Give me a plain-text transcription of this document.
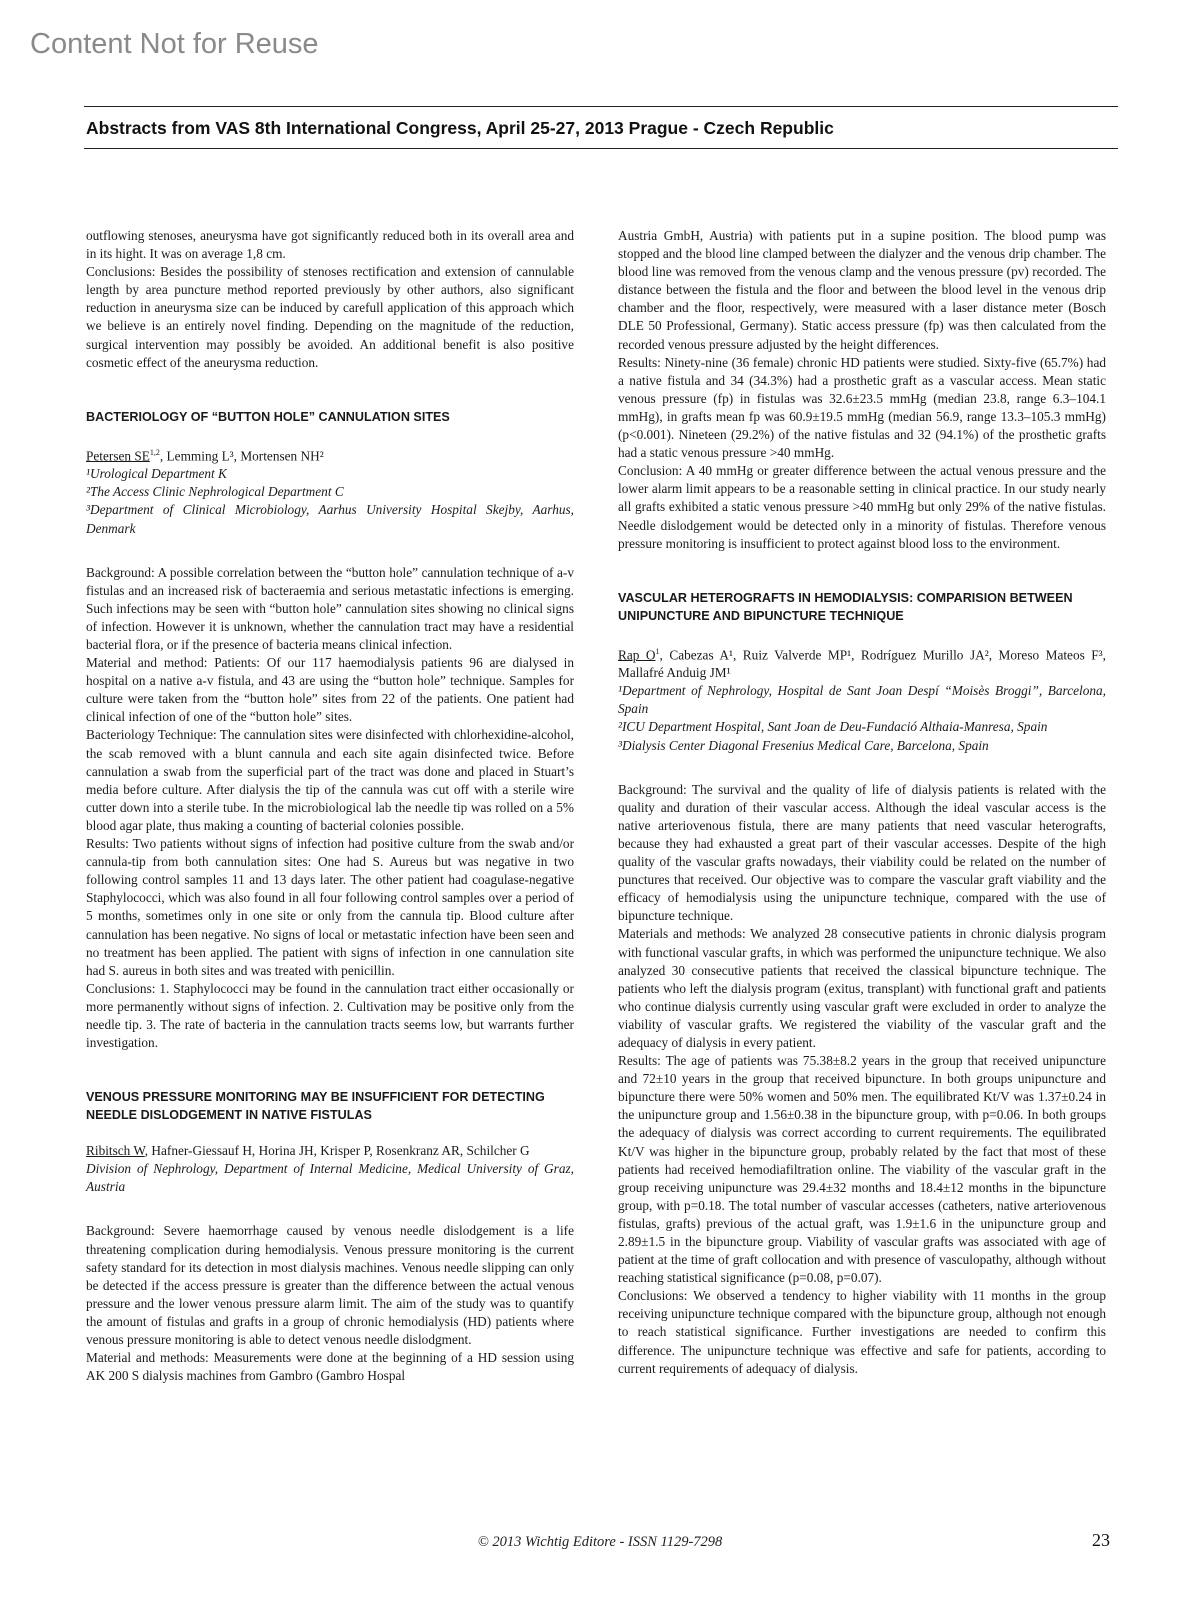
Content Not for Reuse
Abstracts from VAS 8th International Congress, April 25-27, 2013 Prague - Czech Republic

outflowing stenoses, aneurysma have got significantly reduced both in its overall area and in its hight. It was on average 1,8 cm.

Conclusions: Besides the possibility of stenoses rectification and extension of cannulable length by area puncture method reported previously by other authors, also significant reduction in aneurysma size can be induced by carefull application of this approach which we believe is an entirely novel finding. Depending on the magnitude of the reduction, surgical intervention may possibly be avoided. An additional benefit is also positive cosmetic effect of the aneurysma reduction.

BACTERIOLOGY OF “BUTTON HOLE” CANNULATION SITES

Petersen SE$^{1,2}$, Lemming L³, Mortensen NH²

¹Urological Department K

²The Access Clinic Nephrological Department C

³Department of Clinical Microbiology, Aarhus University Hospital Skejby, Aarhus, Denmark

Background: A possible correlation between the “button hole” cannulation technique of a-v fistulas and an increased risk of bacteraemia and serious metastatic infections is emerging. Such infections may be seen with “button hole” cannulation sites showing no clinical signs of infection. However it is unknown, whether the cannulation tract may have a residential bacterial flora, or if the presence of bacteria means clinical infection.

Material and method: Patients: Of our 117 haemodialysis patients 96 are dialysed in hospital on a native a-v fistula, and 43 are using the “button hole” technique. Samples for culture were taken from the “button hole” sites from 22 of the patients. One patient had clinical infection of one of the “button hole” sites.

Bacteriology Technique: The cannulation sites were disinfected with chlorhexidine-alcohol, the scab removed with a blunt cannula and each site again disinfected twice. Before cannulation a swab from the superficial part of the tract was done and placed in Stuart’s media before culture. After dialysis the tip of the cannula was cut off with a sterile wire cutter down into a sterile tube. In the microbiological lab the needle tip was rolled on a 5% blood agar plate, thus making a counting of bacterial colonies possible.

Results: Two patients without signs of infection had positive culture from the swab and/or cannula-tip from both cannulation sites: One had S. Aureus but was negative in two following control samples 11 and 13 days later. The other patient had coagulase-negative Staphylococci, which was also found in all four following control samples over a period of 5 months, sometimes only in one site or only from the cannula tip. Blood culture after cannulation has been negative. No signs of local or metastatic infection have been seen and no treatment has been applied. The patient with signs of infection in one cannulation site had S. aureus in both sites and was treated with penicillin.

Conclusions: 1. Staphylococci may be found in the cannulation tract either occasionally or more permanently without signs of infection. 2. Cultivation may be positive only from the needle tip. 3. The rate of bacteria in the cannulation tracts seems low, but warrants further investigation.

VENOUS PRESSURE MONITORING MAY BE INSUFFICIENT FOR DETECTING NEEDLE DISLODGEMENT IN NATIVE FISTULAS

Ribitsch W, Hafner-Giessauf H, Horina JH, Krisper P, Rosenkranz AR, Schilcher G

Division of Nephrology, Department of Internal Medicine, Medical University of Graz, Austria

Background: Severe haemorrhage caused by venous needle dislodgement is a life threatening complication during hemodialysis. Venous pressure monitoring is the current safety standard for its detection in most dialysis machines. Venous needle slipping can only be detected if the access pressure is greater than the difference between the actual venous pressure and the lower venous pressure alarm limit. The aim of the study was to quantify the amount of fistulas and grafts in a group of chronic hemodialysis (HD) patients where venous pressure monitoring is able to detect venous needle dislodgment.

Material and methods: Measurements were done at the beginning of a HD session using AK 200 S dialysis machines from Gambro (Gambro Hospal

Austria GmbH, Austria) with patients put in a supine position. The blood pump was stopped and the blood line clamped between the dialyzer and the venous drip chamber. The blood line was removed from the venous clamp and the venous pressure (pv) recorded. The distance between the fistula and the floor and between the blood level in the venous drip chamber and the floor, respectively, were measured with a laser distance meter (Bosch DLE 50 Professional, Germany). Static access pressure (fp) was then calculated from the recorded venous pressure adjusted by the height differences.

Results: Ninety-nine (36 female) chronic HD patients were studied. Sixty-five (65.7%) had a native fistula and 34 (34.3%) had a prosthetic graft as a vascular access. Mean static venous pressure (fp) in fistulas was 32.6±23.5 mmHg (median 23.8, range 6.3–104.1 mmHg), in grafts mean fp was 60.9±19.5 mmHg (median 56.9, range 13.3–105.3 mmHg) (p<0.001). Nineteen (29.2%) of the native fistulas and 32 (94.1%) of the prosthetic grafts had a static venous pressure >40 mmHg.

Conclusion: A 40 mmHg or greater difference between the actual venous pressure and the lower alarm limit appears to be a reasonable setting in clinical practice. In our study nearly all grafts exhibited a static venous pressure >40 mmHg but only 29% of the native fistulas. Needle dislodgement would be detected only in a minority of fistulas. Therefore venous pressure monitoring is insufficient to protect against blood loss to the environment.

VASCULAR HETEROGRAFTS IN HEMODIALYSIS: COMPARISION BETWEEN UNIPUNCTURE AND BIPUNCTURE TECHNIQUE

Rap $O^1$, Cabezas A¹, Ruiz Valverde MP¹, Rodríguez Murillo JA², Moreso Mateos F³, Mallafré Anduig JM¹

¹Department of Nephrology, Hospital de Sant Joan Despí “Moisès Broggi”, Barcelona, Spain

²ICU Department Hospital, Sant Joan de Deu-Fundació Althaia-Manresa, Spain

³Dialysis Center Diagonal Fresenius Medical Care, Barcelona, Spain

Background: The survival and the quality of life of dialysis patients is related with the quality and duration of their vascular access. Although the ideal vascular access is the native arteriovenous fistula, there are many patients that need vascular heterografts, because they had exhausted a great part of their vascular accesses. Despite of the high quality of the vascular grafts nowadays, their viability could be related on the number of punctures that received. Our objective was to compare the vascular graft viability and the efficacy of hemodialysis using the unipuncture technique, compared with the use of bipuncture technique.

Materials and methods: We analyzed 28 consecutive patients in chronic dialysis program with functional vascular grafts, in which was performed the unipuncture technique. We also analyzed 30 consecutive patients that received the classical bipuncture technique. The patients who left the dialysis program (exitus, transplant) with functional graft and patients who continue dialysis currently using vascular graft were excluded in order to analyze the viability of vascular grafts. We registered the viability of the vascular graft and the adequacy of dialysis in every patient.

Results: The age of patients was 75.38±8.2 years in the group that received unipuncture and 72±10 years in the group that received bipuncture. In both groups unipuncture and bipuncture there were 50% women and 50% men. The equilibrated Kt/V was 1.37±0.24 in the unipuncture group and 1.56±0.38 in the bipuncture group, with p=0.06. In both groups the adequacy of dialysis was correct according to current requirements. The equilibrated Kt/V was higher in the bipuncture group, probably related by the fact that most of these patients had received hemodiafiltration online. The viability of the vascular graft in the group receiving unipuncture was 29.4±32 months and 18.4±12 months in the bipuncture group, with p=0.18. The total number of vascular accesses (catheters, native arteriovenous fistulas, grafts) previous of the actual graft, was 1.9±1.6 in the unipuncture group and 2.89±1.5 in the bipuncture group. Viability of vascular grafts was associated with age of patient at the time of graft collocation and with presence of vasculopathy, although without reaching statistical significance (p=0.08, p=0.07).

Conclusions: We observed a tendency to higher viability with 11 months in the group receiving unipuncture technique compared with the bipuncture group, although not enough to reach statistical significance. Further investigations are needed to confirm this difference. The unipuncture technique was effective and safe for patients, according to current requirements of adequacy of dialysis.

© 2013 Wichtig Editore - ISSN 1129-7298	23
